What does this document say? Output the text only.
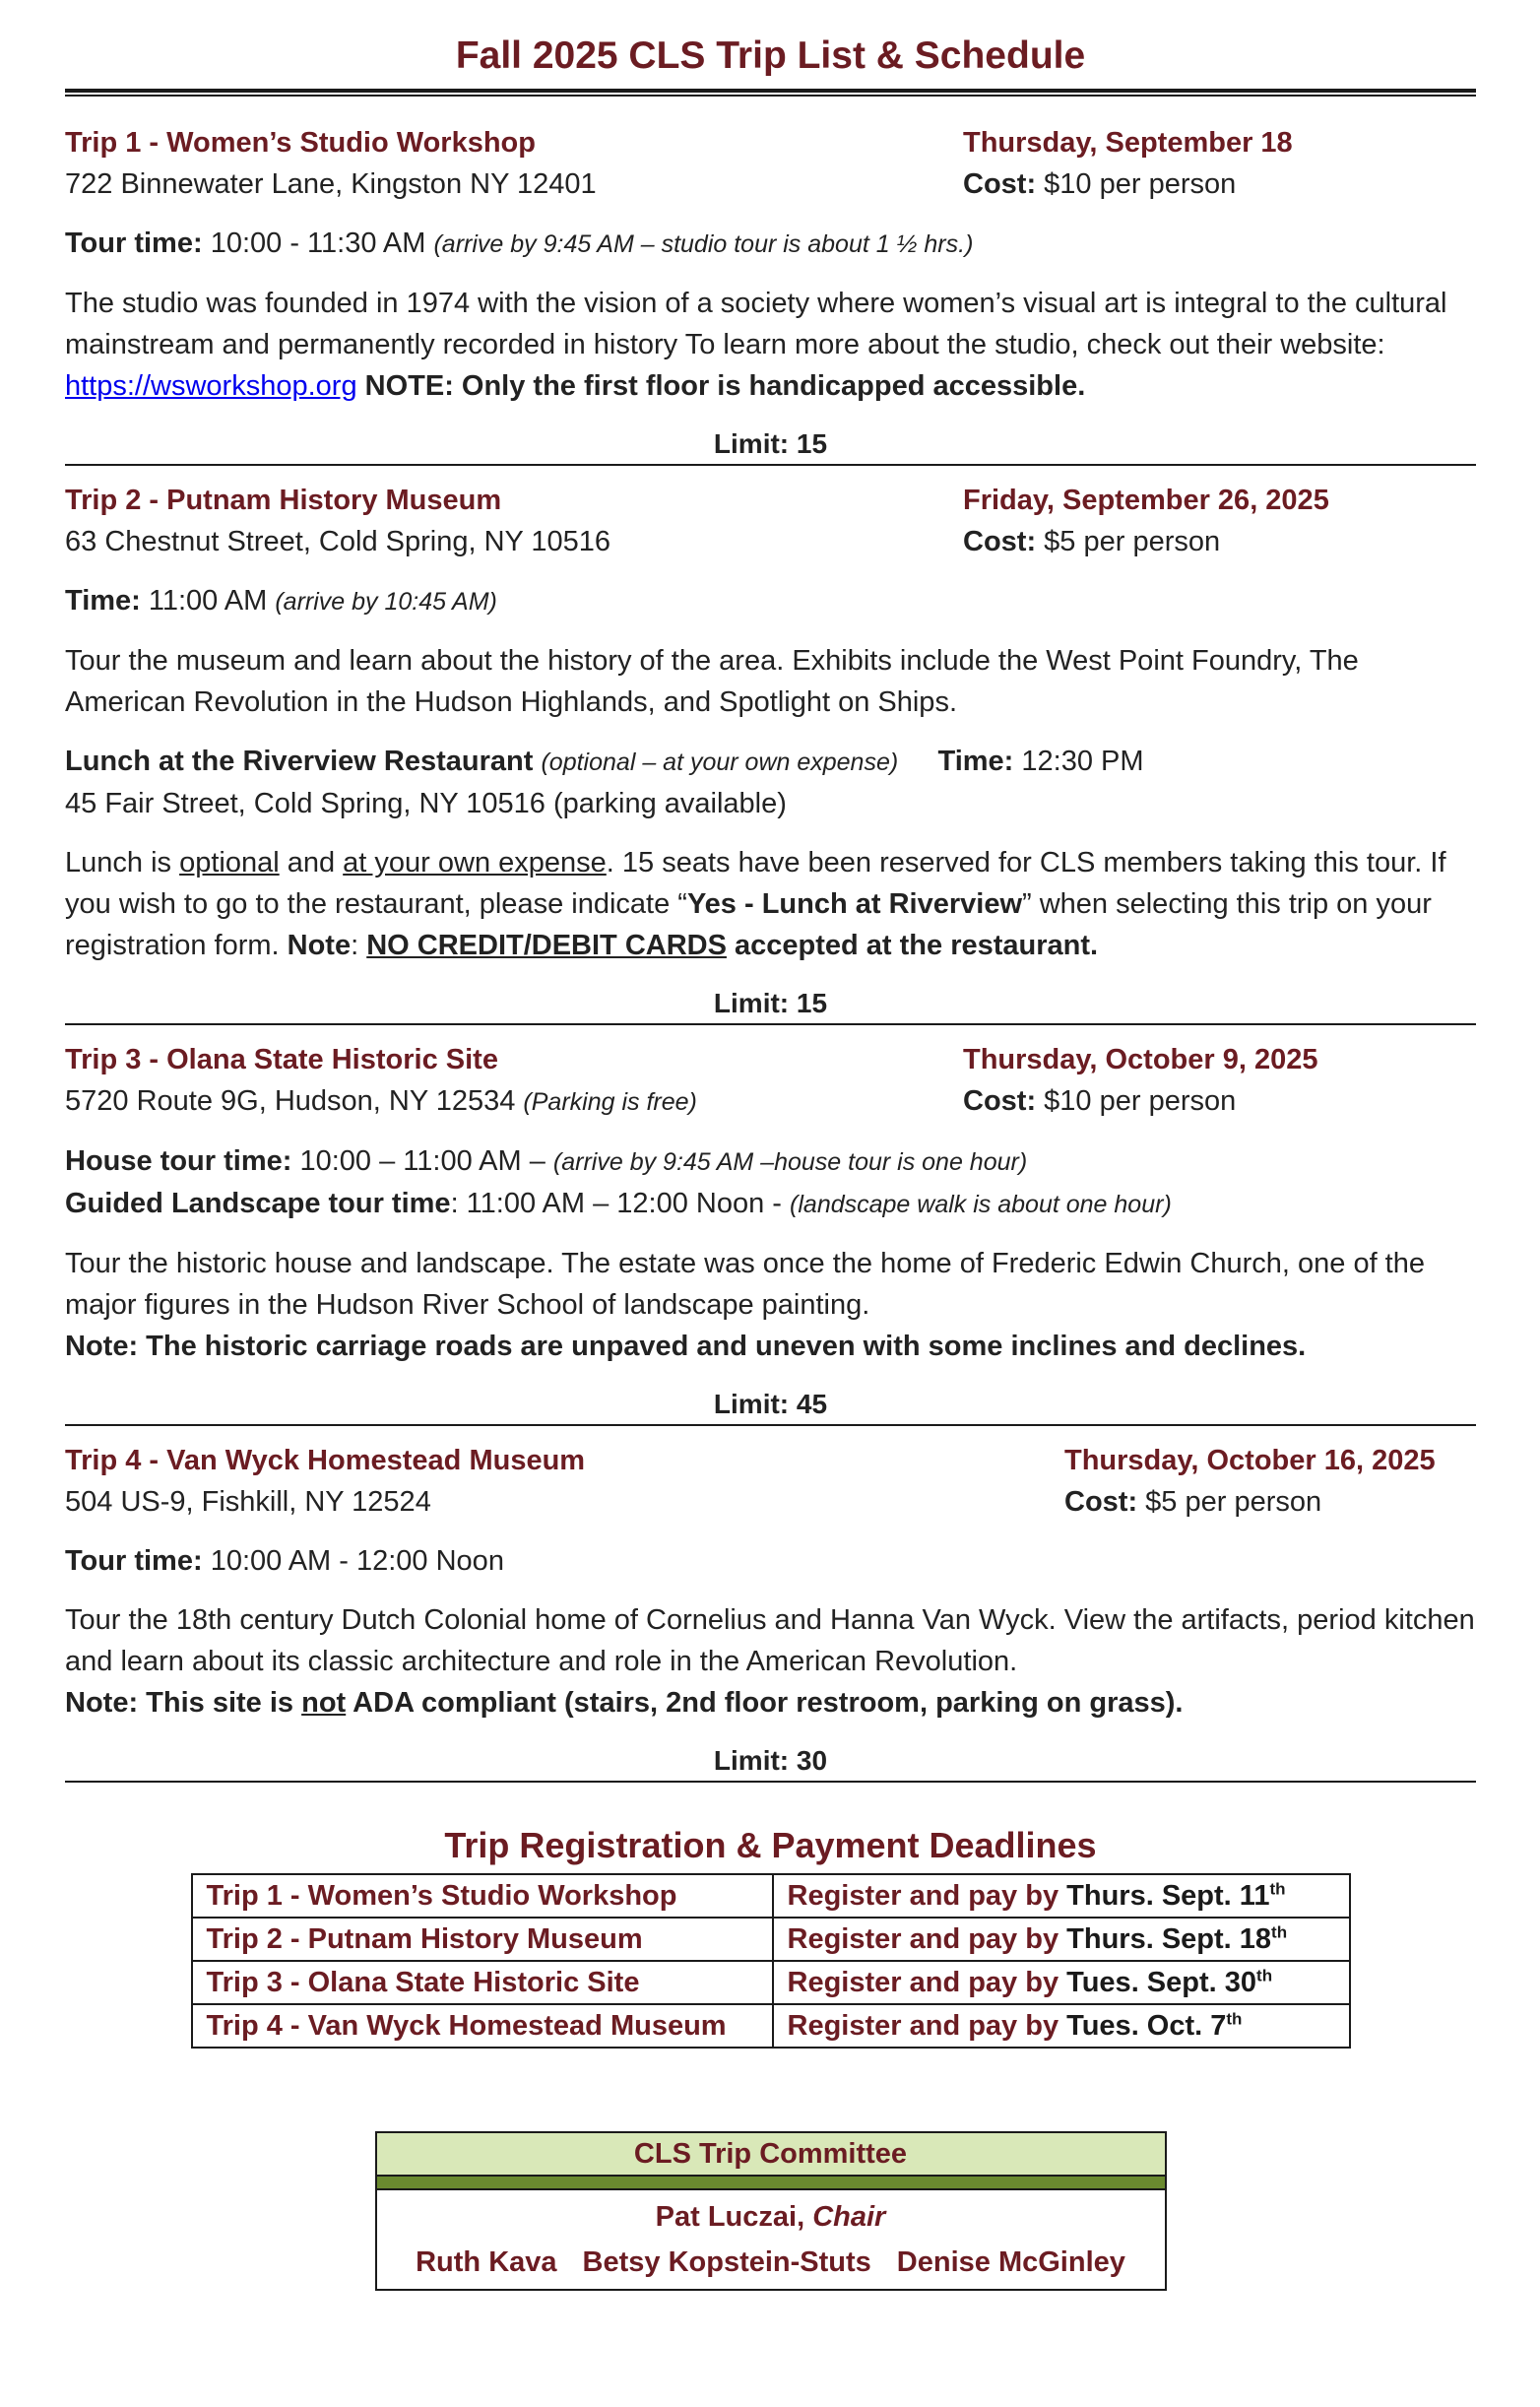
Fall 2025 CLS Trip List & Schedule
Trip 1 - Women’s Studio Workshop	Thursday, September 18
722 Binnewater Lane, Kingston NY 12401	Cost: $10 per person
Tour time: 10:00 - 11:30 AM (arrive by 9:45 AM – studio tour is about 1 ½ hrs.)
The studio was founded in 1974 with the vision of a society where women’s visual art is integral to the cultural mainstream and permanently recorded in history To learn more about the studio, check out their website: https://wsworkshop.org NOTE: Only the first floor is handicapped accessible.
Limit: 15
Trip 2 - Putnam History Museum	Friday, September 26, 2025
63 Chestnut Street, Cold Spring, NY 10516	Cost: $5 per person
Time: 11:00 AM (arrive by 10:45 AM)
Tour the museum and learn about the history of the area. Exhibits include the West Point Foundry, The American Revolution in the Hudson Highlands, and Spotlight on Ships.
Lunch at the Riverview Restaurant (optional – at your own expense) Time: 12:30 PM
45 Fair Street, Cold Spring, NY 10516 (parking available)
Lunch is optional and at your own expense. 15 seats have been reserved for CLS members taking this tour. If you wish to go to the restaurant, please indicate “Yes - Lunch at Riverview” when selecting this trip on your registration form. Note: NO CREDIT/DEBIT CARDS accepted at the restaurant.
Limit: 15
Trip 3 - Olana State Historic Site	Thursday, October 9, 2025
5720 Route 9G, Hudson, NY 12534 (Parking is free)	Cost: $10 per person
House tour time: 10:00 – 11:00 AM – (arrive by 9:45 AM –house tour is one hour)
Guided Landscape tour time: 11:00 AM – 12:00 Noon - (landscape walk is about one hour)
Tour the historic house and landscape. The estate was once the home of Frederic Edwin Church, one of the major figures in the Hudson River School of landscape painting.
Note: The historic carriage roads are unpaved and uneven with some inclines and declines.
Limit: 45
Trip 4 - Van Wyck Homestead Museum	Thursday, October 16, 2025
504 US-9, Fishkill, NY 12524	Cost: $5 per person
Tour time: 10:00 AM - 12:00 Noon
Tour the 18th century Dutch Colonial home of Cornelius and Hanna Van Wyck. View the artifacts, period kitchen and learn about its classic architecture and role in the American Revolution.
Note: This site is not ADA compliant (stairs, 2nd floor restroom, parking on grass).
Limit: 30
Trip Registration & Payment Deadlines
Trip 1 - Women’s Studio Workshop	Register and pay by Thurs. Sept. 11th
Trip 2 - Putnam History Museum	Register and pay by Thurs. Sept. 18th
Trip 3 - Olana State Historic Site	Register and pay by Tues. Sept. 30th
Trip 4 - Van Wyck Homestead Museum	Register and pay by Tues. Oct. 7th
CLS Trip Committee
Pat Luczai, Chair
Ruth Kava Betsy Kopstein-Stuts Denise McGinley
